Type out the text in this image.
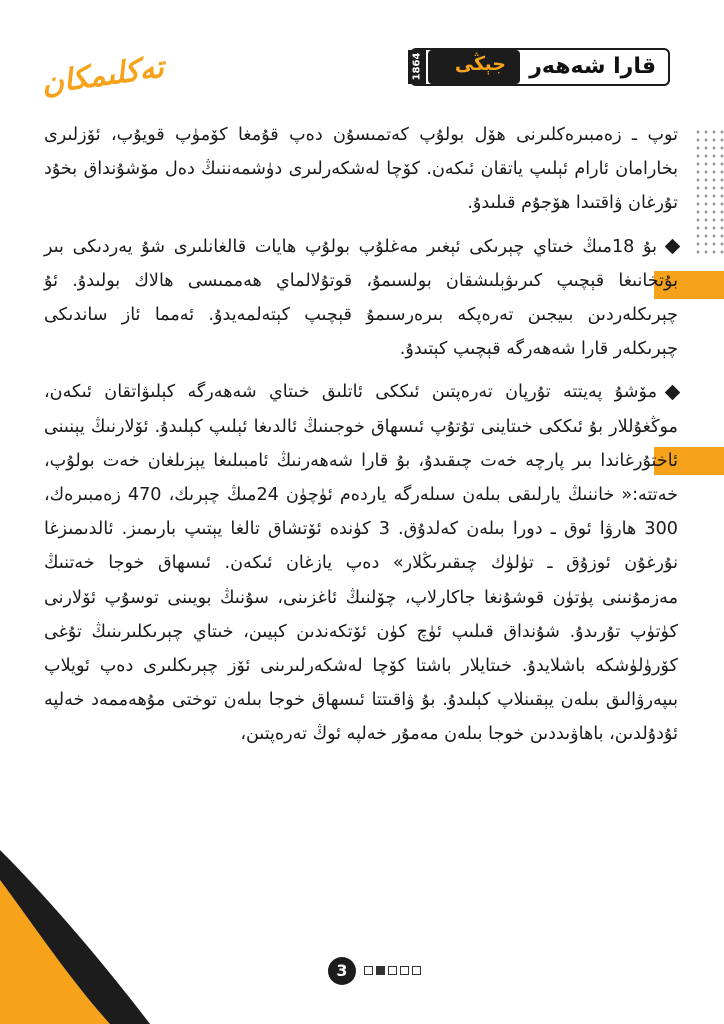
تەكلىمكان	قارا شەھەر
جېڭى
1864

توپ ـ زەمبىرەكلىرنى ھۆل بولۇپ كەتمىسۇن دەپ قۇمغا كۆمۈپ قويۇپ، ئۆزلىرى بخارامان ئارام ئېلىپ ياتقان ئىكەن. كۆچا لەشكەرلىرى دۈشمەننىڭ دەل مۆشۇنداق بخۇد تۇرغان ۋاقتىدا ھۆجۇم قىلىدۇ.

بۇ 18مىڭ خىتاي چېرىكى ئېغىر مەغلۇپ بولۇپ ھايات قالغانلىرى شۇ يەردىكى بىر بۇتخانىغا قېچىپ كىرىۋېلىشقان بولسىمۇ، قوتۇلالماي ھەممىسى ھالاك بولىدۇ. ئۇ چېرىكلەردىن بىيجىن تەرەپكە بىرەرسىمۇ قېچىپ كېتەلمەيدۇ. ئەمما ئاز ساندىكى چېرىكلەر قارا شەھەرگە قېچىپ كېتىدۇ.

مۆشۇ پەيتتە تۇرپان تەرەپتىن ئىككى ئاتلىق خىتاي شەھەرگە كېلىۋاتقان ئىكەن، موڭغۇللار بۇ ئىككى خىتاينى تۇتۇپ ئىسھاق خوجىنىڭ ئالدىغا ئېلىپ كېلىدۇ. ئۆلارنىڭ يېنىنى ئاختۇرغاندا بىر پارچە خەت چىقىدۇ، بۇ قارا شەھەرنىڭ ئامبىلىغا يېزىلغان خەت بولۇپ، خەتتە:« خاننىڭ يارلىقى بىلەن سىلەرگە ياردەم ئۈچۈن 24مىڭ چېرىك، 470 زەمبىرەك، 300 ھارۋا ئوق ـ دورا بىلەن كەلدۇق. 3 كۈندە ئۆتشاق تالغا يېتىپ بارىمىز. ئالدىمىزغا نۇرغۇن ئوزۇق ـ تۈلۈك چىقىرىڭلار» دەپ يازغان ئىكەن. ئىسھاق خوجا خەتنىڭ مەزمۇنىنى پۈتۈن قوشۇنغا جاكارلاپ، چۆلنىڭ ئاغزىنى، سۇنىڭ بويىنى توسۇپ ئۆلارنى كۈتۈپ تۇرىدۇ. شۇنداق قىلىپ ئۈچ كۈن ئۆتكەندىن كېيىن، خىتاي چېرىكلىرىنىڭ تۇغى كۆرۈلۈشكە باشلايدۇ. خىتايلار باشتا كۆچا لەشكەرلىرىنى ئۆز چېرىكلىرى دەپ ئويلاپ بىپەرۋالىق بىلەن يېقىنلاپ كېلىدۇ. بۇ ۋاقىتتا ئىسھاق خوجا بىلەن توختى مۇھەممەد خەلپە ئۇدۇلدىن، باھاۋىددىن خوجا بىلەن مەمۇر خەلپە ئوڭ تەرەپتىن،

3
